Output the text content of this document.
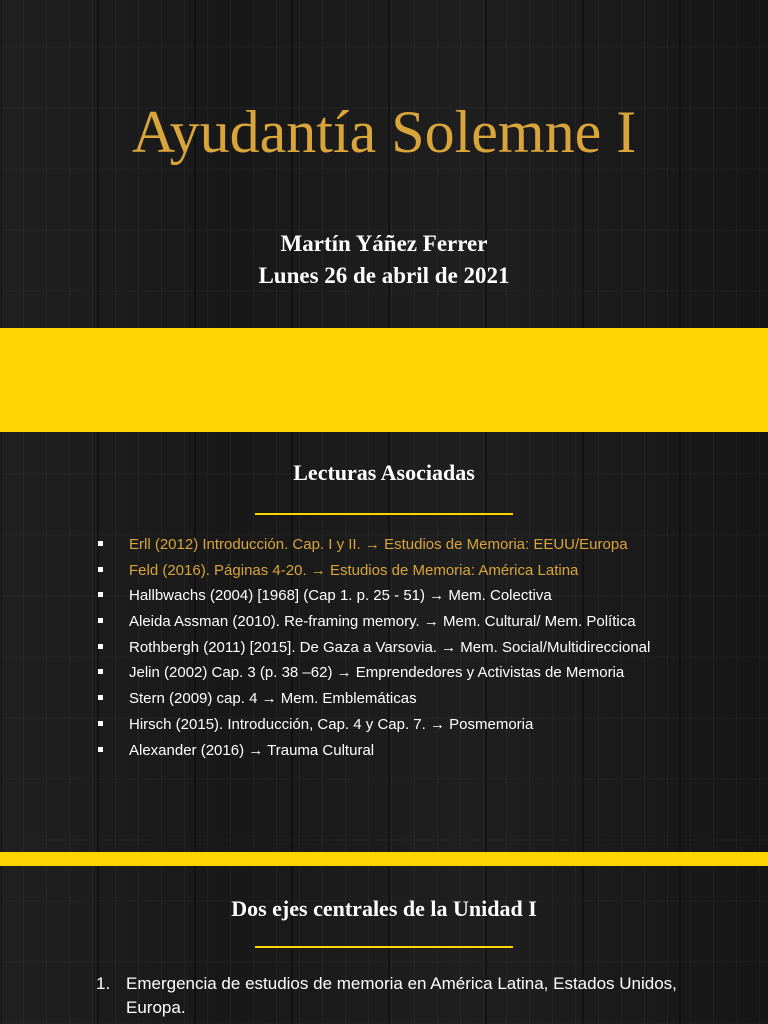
Ayudantía Solemne I
Martín Yáñez Ferrer
Lunes 26 de abril de 2021
Lecturas Asociadas
Erll (2012) Introducción. Cap. I y II. → Estudios de Memoria: EEUU/Europa
Feld (2016). Páginas 4-20. → Estudios de Memoria: América Latina
Hallbwachs (2004) [1968] (Cap 1. p. 25 - 51) → Mem. Colectiva
Aleida Assman (2010). Re-framing memory. → Mem. Cultural/ Mem. Política
Rothbergh (2011) [2015]. De Gaza a Varsovia. → Mem. Social/Multidireccional
Jelin (2002) Cap. 3 (p. 38 –62) → Emprendedores y Activistas de Memoria
Stern (2009) cap. 4 → Mem. Emblemáticas
Hirsch (2015). Introducción, Cap. 4 y Cap. 7. → Posmemoria
Alexander (2016) → Trauma Cultural
Dos ejes centrales de la Unidad I
1. Emergencia de estudios de memoria en América Latina, Estados Unidos, Europa.
